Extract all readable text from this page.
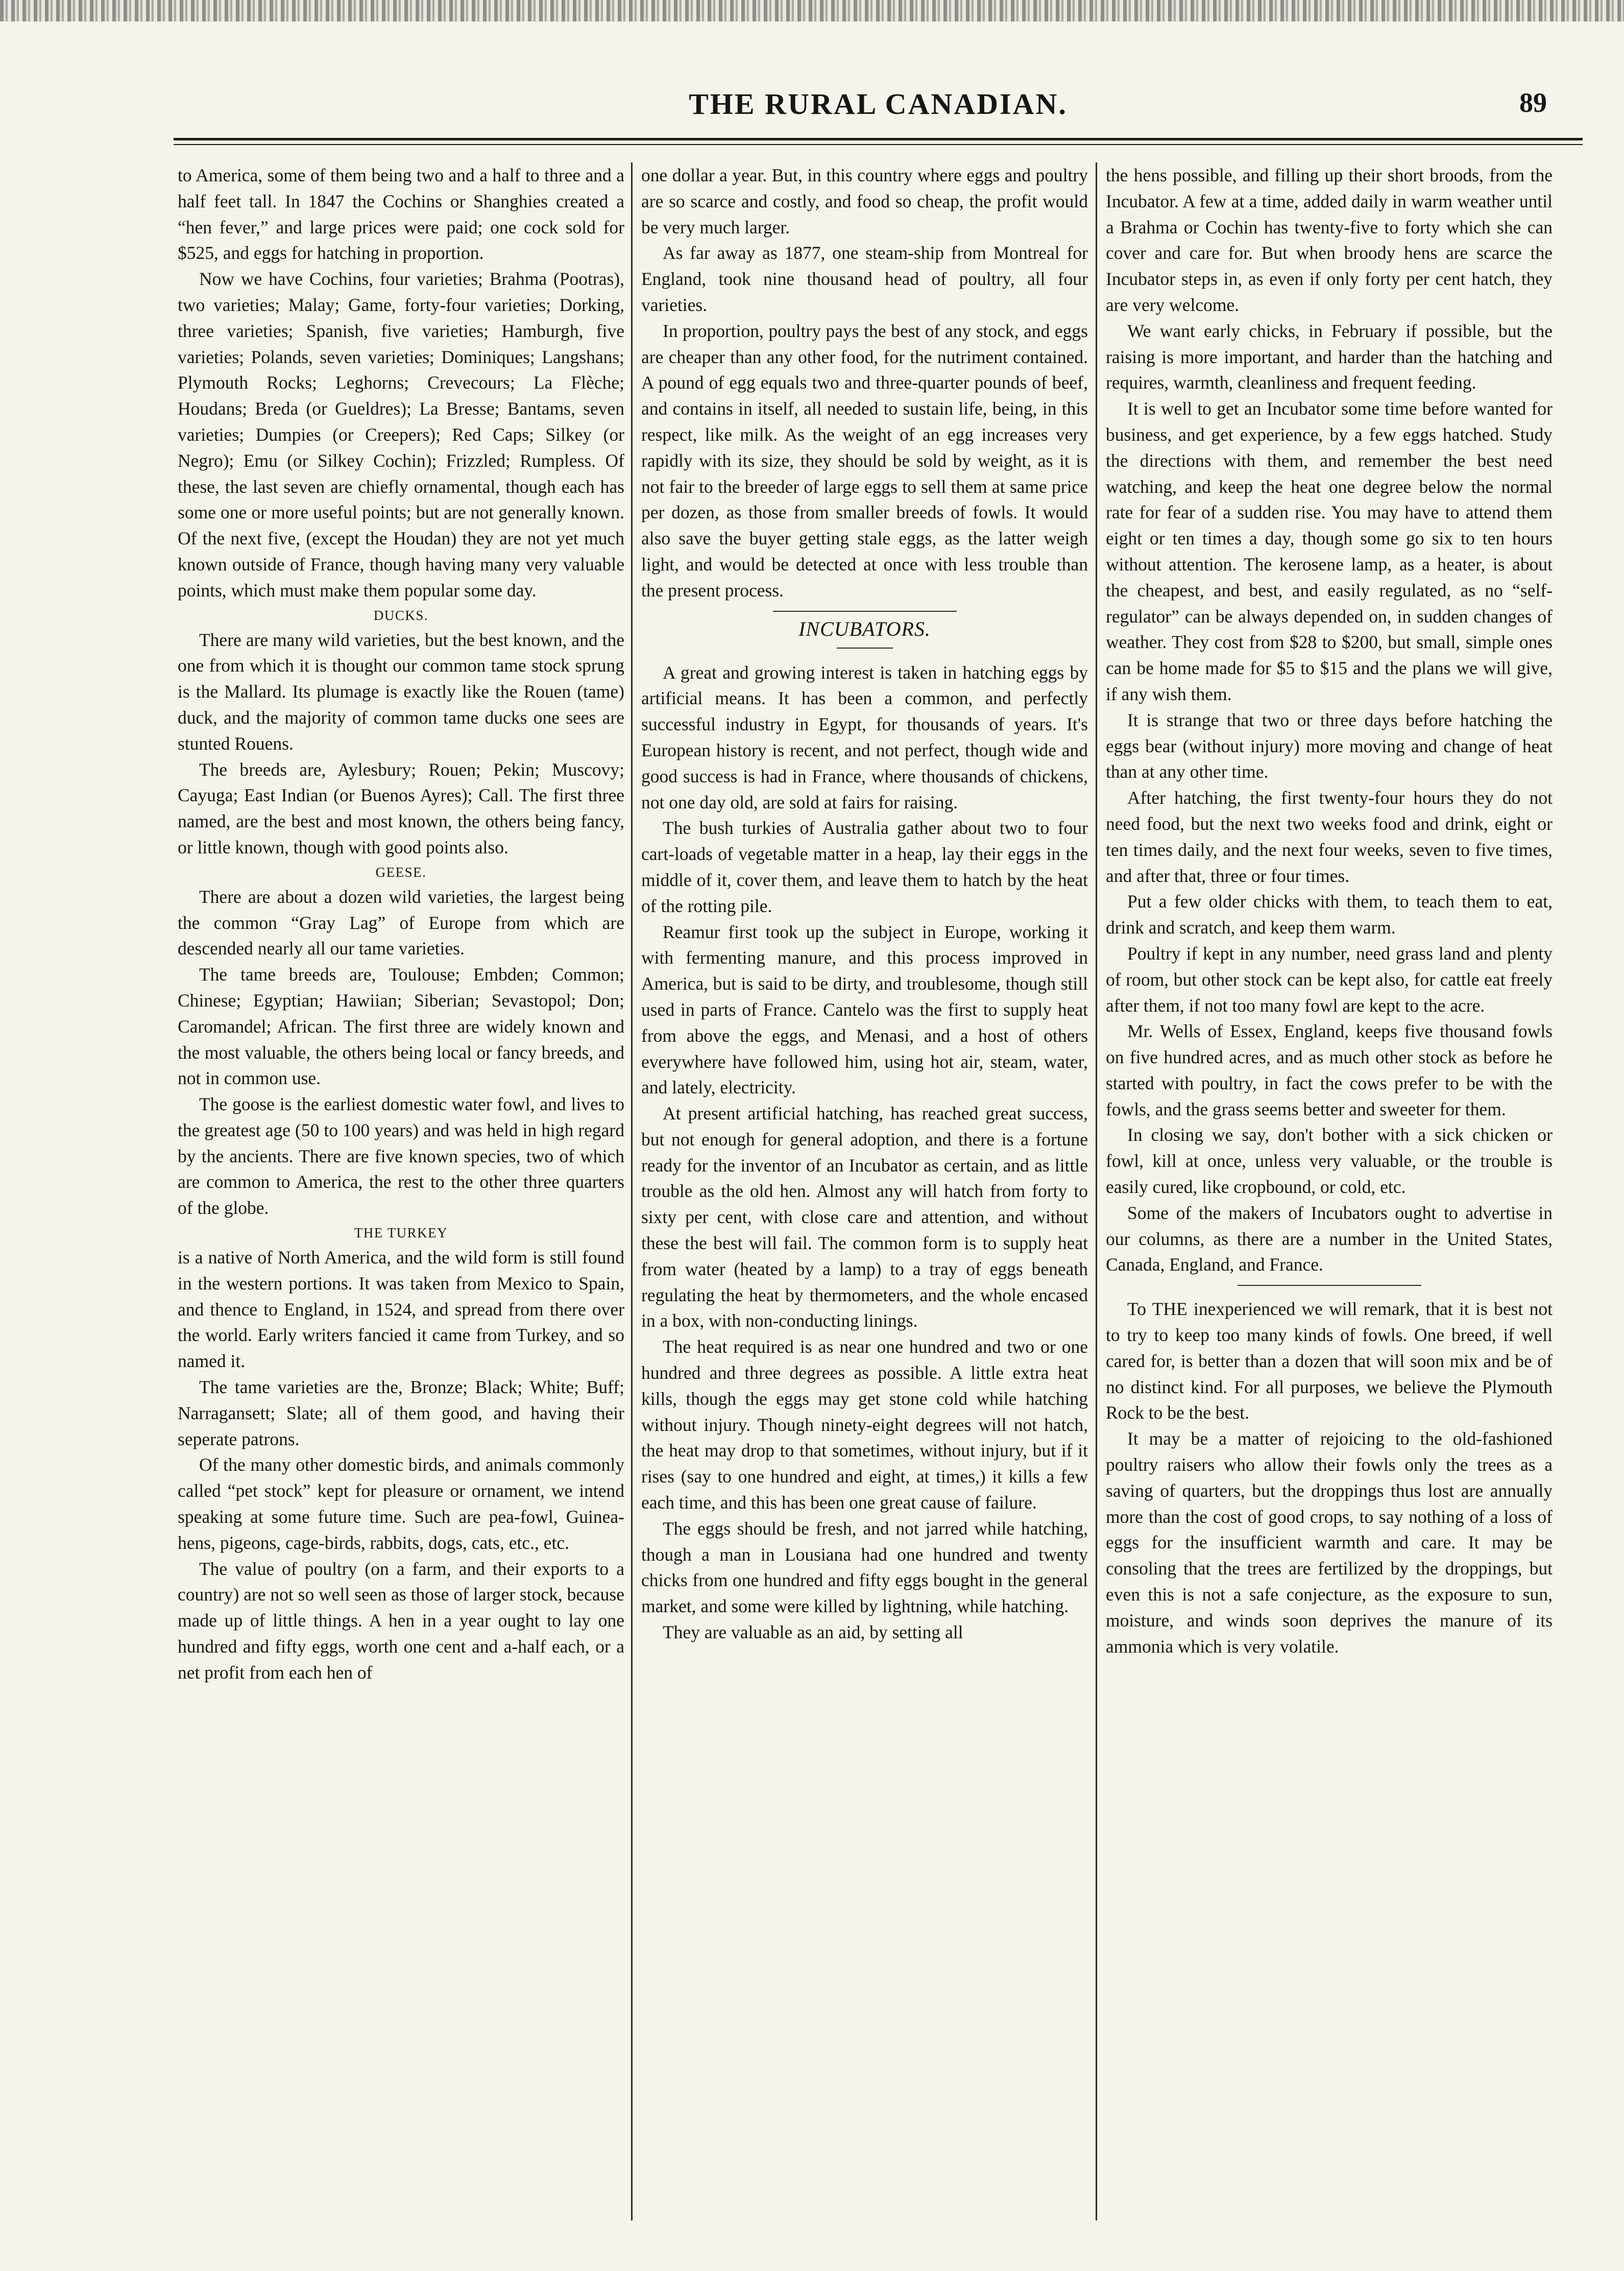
THE RURAL CANADIAN.	89

to America, some of them being two and a half to three and a half feet tall. In 1847 the Cochins or Shanghies created a “hen fever,” and large prices were paid; one cock sold for $525, and eggs for hatching in proportion.

Now we have Cochins, four varieties; Brahma (Pootras), two varieties; Malay; Game, forty-four varieties; Dorking, three varieties; Spanish, five varieties; Hamburgh, five varieties; Polands, seven varieties; Dominiques; Langshans; Plymouth Rocks; Leghorns; Crevecours; La Flèche; Houdans; Breda (or Gueldres); La Bresse; Bantams, seven varieties; Dumpies (or Creepers); Red Caps; Silkey (or Negro); Emu (or Silkey Cochin); Frizzled; Rumpless. Of these, the last seven are chiefly ornamental, though each has some one or more useful points; but are not generally known. Of the next five, (except the Houdan) they are not yet much known outside of France, though having many very valuable points, which must make them popular some day.

DUCKS.

There are many wild varieties, but the best known, and the one from which it is thought our common tame stock sprung is the Mallard. Its plumage is exactly like the Rouen (tame) duck, and the majority of common tame ducks one sees are stunted Rouens.

The breeds are, Aylesbury; Rouen; Pekin; Muscovy; Cayuga; East Indian (or Buenos Ayres); Call. The first three named, are the best and most known, the others being fancy, or little known, though with good points also.

GEESE.

There are about a dozen wild varieties, the largest being the common “Gray Lag” of Europe from which are descended nearly all our tame varieties.

The tame breeds are, Toulouse; Embden; Common; Chinese; Egyptian; Hawiian; Siberian; Sevastopol; Don; Caromandel; African. The first three are widely known and the most valuable, the others being local or fancy breeds, and not in common use.

The goose is the earliest domestic water fowl, and lives to the greatest age (50 to 100 years) and was held in high regard by the ancients. There are five known species, two of which are common to America, the rest to the other three quarters of the globe.

THE TURKEY

is a native of North America, and the wild form is still found in the western portions. It was taken from Mexico to Spain, and thence to England, in 1524, and spread from there over the world. Early writers fancied it came from Turkey, and so named it.

The tame varieties are the, Bronze; Black; White; Buff; Narragansett; Slate; all of them good, and having their seperate patrons.

Of the many other domestic birds, and animals commonly called “pet stock” kept for pleasure or ornament, we intend speaking at some future time. Such are pea-fowl, Guinea-hens, pigeons, cage-birds, rabbits, dogs, cats, etc., etc.

The value of poultry (on a farm, and their exports to a country) are not so well seen as those of larger stock, because made up of little things. A hen in a year ought to lay one hundred and fifty eggs, worth one cent and a-half each, or a net profit from each hen of

one dollar a year. But, in this country where eggs and poultry are so scarce and costly, and food so cheap, the profit would be very much larger.

As far away as 1877, one steam-ship from Montreal for England, took nine thousand head of poultry, all four varieties.

In proportion, poultry pays the best of any stock, and eggs are cheaper than any other food, for the nutriment contained. A pound of egg equals two and three-quarter pounds of beef, and contains in itself, all needed to sustain life, being, in this respect, like milk. As the weight of an egg increases very rapidly with its size, they should be sold by weight, as it is not fair to the breeder of large eggs to sell them at same price per dozen, as those from smaller breeds of fowls. It would also save the buyer getting stale eggs, as the latter weigh light, and would be detected at once with less trouble than the present process.

INCUBATORS.

A great and growing interest is taken in hatching eggs by artificial means. It has been a common, and perfectly successful industry in Egypt, for thousands of years. It's European history is recent, and not perfect, though wide and good success is had in France, where thousands of chickens, not one day old, are sold at fairs for raising.

The bush turkies of Australia gather about two to four cart-loads of vegetable matter in a heap, lay their eggs in the middle of it, cover them, and leave them to hatch by the heat of the rotting pile.

Reamur first took up the subject in Europe, working it with fermenting manure, and this process improved in America, but is said to be dirty, and troublesome, though still used in parts of France. Cantelo was the first to supply heat from above the eggs, and Menasi, and a host of others everywhere have followed him, using hot air, steam, water, and lately, electricity.

At present artificial hatching, has reached great success, but not enough for general adoption, and there is a fortune ready for the inventor of an Incubator as certain, and as little trouble as the old hen. Almost any will hatch from forty to sixty per cent, with close care and attention, and without these the best will fail. The common form is to supply heat from water (heated by a lamp) to a tray of eggs beneath regulating the heat by thermometers, and the whole encased in a box, with non-conducting linings.

The heat required is as near one hundred and two or one hundred and three degrees as possible. A little extra heat kills, though the eggs may get stone cold while hatching without injury. Though ninety-eight degrees will not hatch, the heat may drop to that sometimes, without injury, but if it rises (say to one hundred and eight, at times,) it kills a few each time, and this has been one great cause of failure.

The eggs should be fresh, and not jarred while hatching, though a man in Lousiana had one hundred and twenty chicks from one hundred and fifty eggs bought in the general market, and some were killed by lightning, while hatching.

They are valuable as an aid, by setting all

the hens possible, and filling up their short broods, from the Incubator. A few at a time, added daily in warm weather until a Brahma or Cochin has twenty-five to forty which she can cover and care for. But when broody hens are scarce the Incubator steps in, as even if only forty per cent hatch, they are very welcome.

We want early chicks, in February if possible, but the raising is more important, and harder than the hatching and requires, warmth, cleanliness and frequent feeding.

It is well to get an Incubator some time before wanted for business, and get experience, by a few eggs hatched. Study the directions with them, and remember the best need watching, and keep the heat one degree below the normal rate for fear of a sudden rise. You may have to attend them eight or ten times a day, though some go six to ten hours without attention. The kerosene lamp, as a heater, is about the cheapest, and best, and easily regulated, as no “self-regulator” can be always depended on, in sudden changes of weather. They cost from $28 to $200, but small, simple ones can be home made for $5 to $15 and the plans we will give, if any wish them.

It is strange that two or three days before hatching the eggs bear (without injury) more moving and change of heat than at any other time.

After hatching, the first twenty-four hours they do not need food, but the next two weeks food and drink, eight or ten times daily, and the next four weeks, seven to five times, and after that, three or four times.

Put a few older chicks with them, to teach them to eat, drink and scratch, and keep them warm.

Poultry if kept in any number, need grass land and plenty of room, but other stock can be kept also, for cattle eat freely after them, if not too many fowl are kept to the acre.

Mr. Wells of Essex, England, keeps five thousand fowls on five hundred acres, and as much other stock as before he started with poultry, in fact the cows prefer to be with the fowls, and the grass seems better and sweeter for them.

In closing we say, don't bother with a sick chicken or fowl, kill at once, unless very valuable, or the trouble is easily cured, like cropbound, or cold, etc.

Some of the makers of Incubators ought to advertise in our columns, as there are a number in the United States, Canada, England, and France.

To THE inexperienced we will remark, that it is best not to try to keep too many kinds of fowls. One breed, if well cared for, is better than a dozen that will soon mix and be of no distinct kind. For all purposes, we believe the Plymouth Rock to be the best.

It may be a matter of rejoicing to the old-fashioned poultry raisers who allow their fowls only the trees as a saving of quarters, but the droppings thus lost are annually more than the cost of good crops, to say nothing of a loss of eggs for the insufficient warmth and care. It may be consoling that the trees are fertilized by the droppings, but even this is not a safe conjecture, as the exposure to sun, moisture, and winds soon deprives the manure of its ammonia which is very volatile.
